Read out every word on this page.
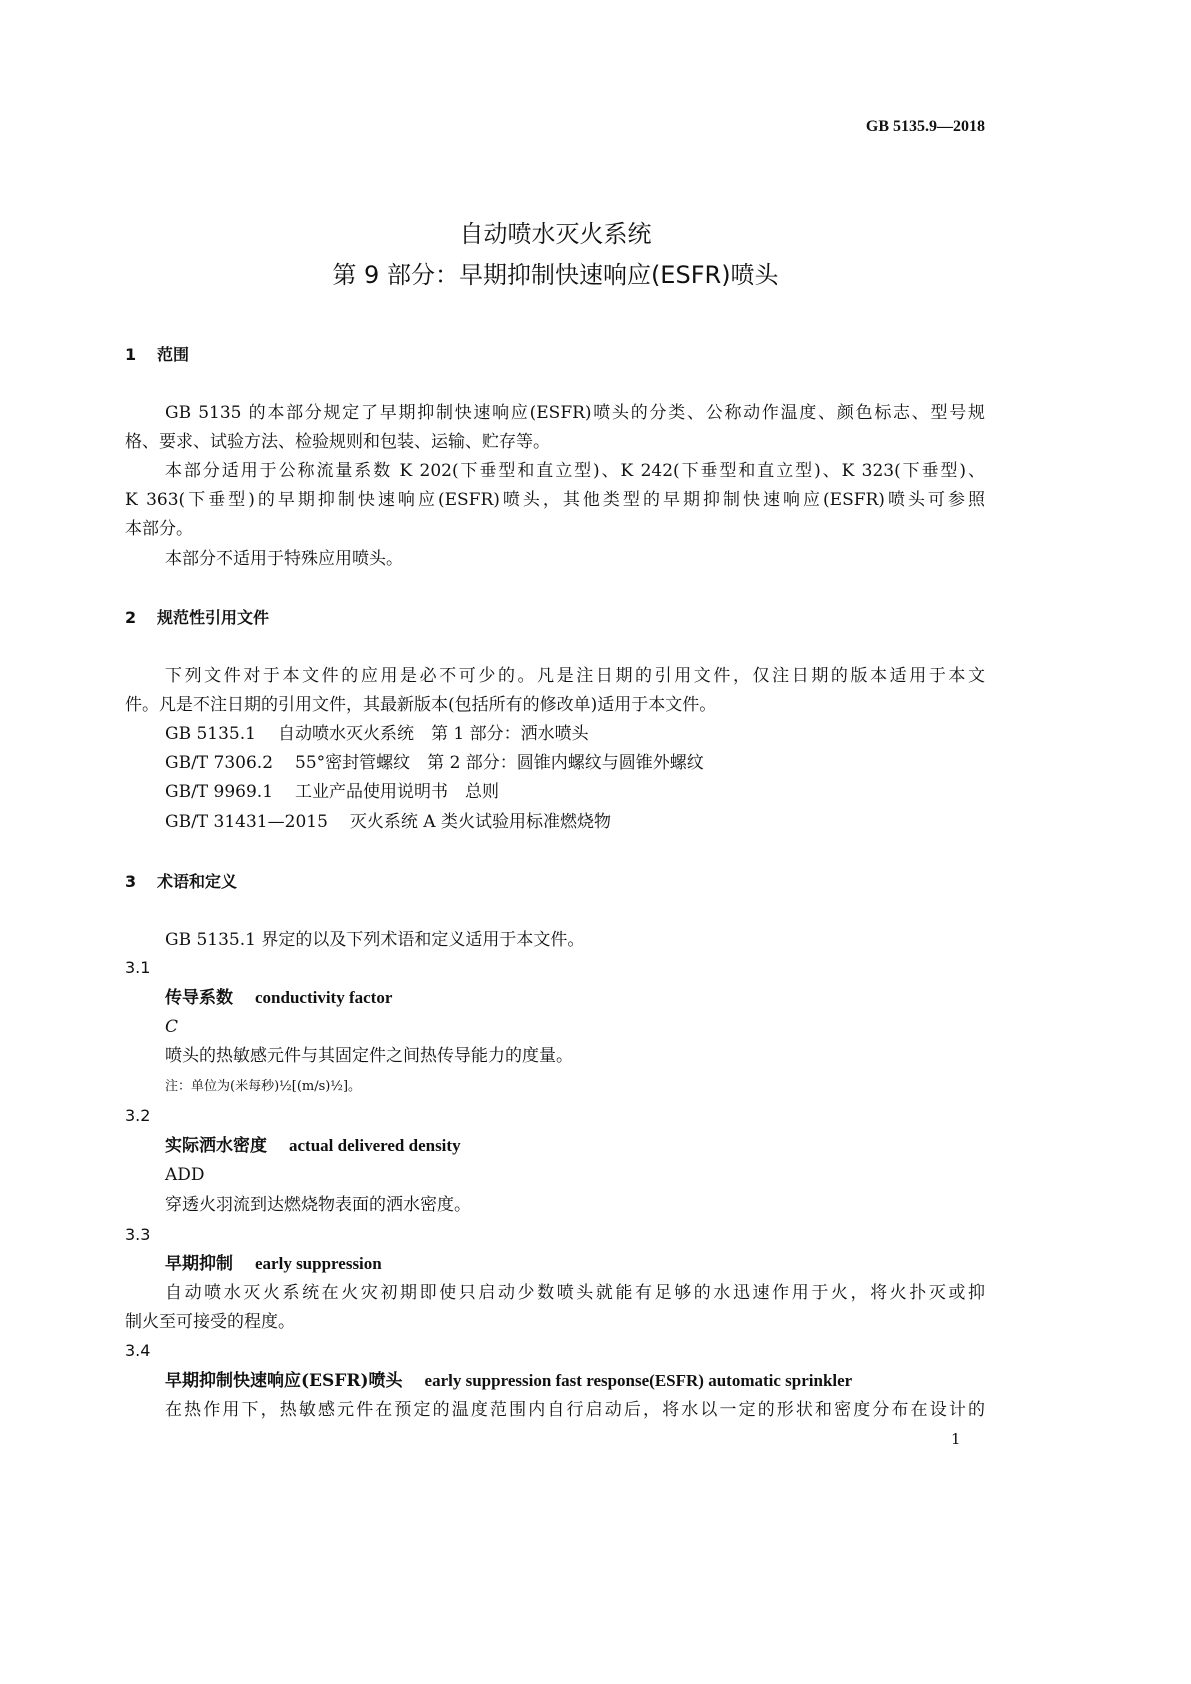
GB 5135.9—2018
自动喷水灭火系统
第 9 部分：早期抑制快速响应(ESFR)喷头
1 范围
GB 5135 的本部分规定了早期抑制快速响应(ESFR)喷头的分类、公称动作温度、颜色标志、型号规
格、要求、试验方法、检验规则和包装、运输、贮存等。
本部分适用于公称流量系数 K 202(下垂型和直立型)、K 242(下垂型和直立型)、K 323(下垂型)、
K 363(下垂型)的早期抑制快速响应(ESFR)喷头，其他类型的早期抑制快速响应(ESFR)喷头可参照
本部分。
本部分不适用于特殊应用喷头。
2 规范性引用文件
下列文件对于本文件的应用是必不可少的。凡是注日期的引用文件，仅注日期的版本适用于本文
件。凡是不注日期的引用文件，其最新版本(包括所有的修改单)适用于本文件。
GB 5135.1 自动喷水灭火系统　第 1 部分：洒水喷头
GB/T 7306.2 55°密封管螺纹　第 2 部分：圆锥内螺纹与圆锥外螺纹
GB/T 9969.1 工业产品使用说明书　总则
GB/T 31431—2015 灭火系统 A 类火试验用标准燃烧物
3 术语和定义
GB 5135.1 界定的以及下列术语和定义适用于本文件。
3.1
传导系数 conductivity factor
C
喷头的热敏感元件与其固定件之间热传导能力的度量。
注：单位为(米每秒)½[(m/s)½]。
3.2
实际洒水密度 actual delivered density
ADD
穿透火羽流到达燃烧物表面的洒水密度。
3.3
早期抑制 early suppression
自动喷水灭火系统在火灾初期即使只启动少数喷头就能有足够的水迅速作用于火，将火扑灭或抑
制火至可接受的程度。
3.4
早期抑制快速响应(ESFR)喷头 early suppression fast response(ESFR) automatic sprinkler
在热作用下，热敏感元件在预定的温度范围内自行启动后，将水以一定的形状和密度分布在设计的
1
